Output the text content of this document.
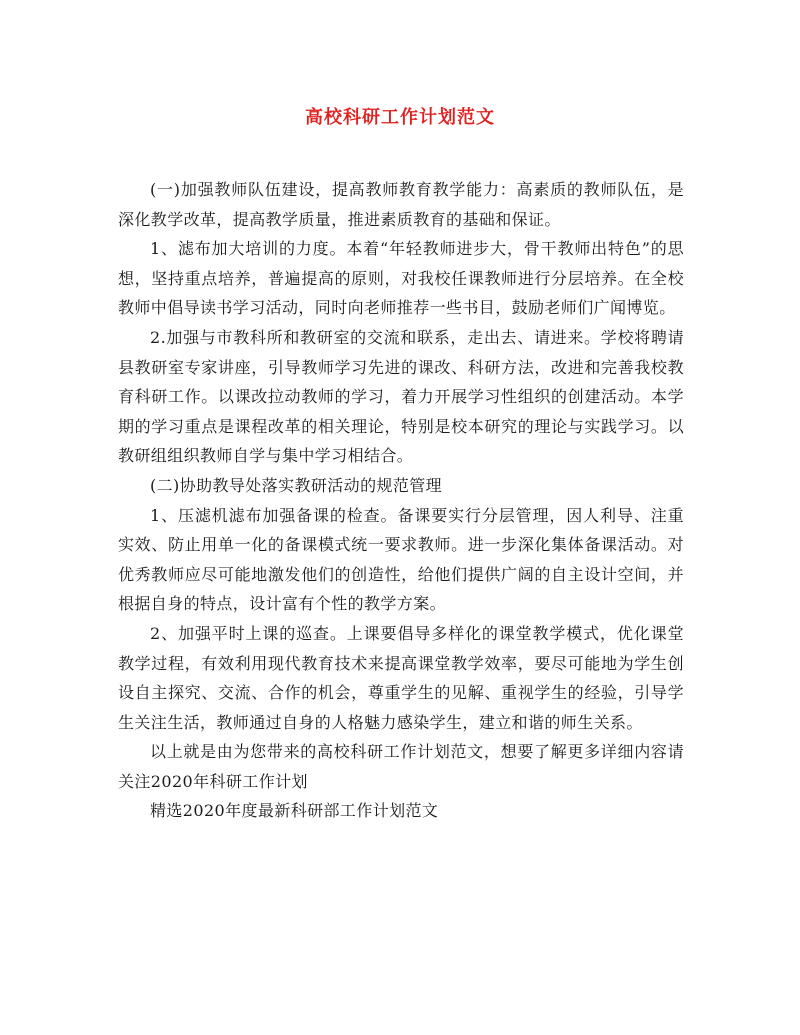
高校科研工作计划范文

(一)加强教师队伍建设，提高教师教育教学能力：高素质的教师队伍，是深化教学改革，提高教学质量，推进素质教育的基础和保证。

1、滤布加大培训的力度。本着“年轻教师进步大，骨干教师出特色”的思想，坚持重点培养，普遍提高的原则，对我校任课教师进行分层培养。在全校教师中倡导读书学习活动，同时向老师推荐一些书目，鼓励老师们广闻博览。

2.加强与市教科所和教研室的交流和联系，走出去、请进来。学校将聘请县教研室专家讲座，引导教师学习先进的课改、科研方法，改进和完善我校教育科研工作。以课改拉动教师的学习，着力开展学习性组织的创建活动。本学期的学习重点是课程改革的相关理论，特别是校本研究的理论与实践学习。以教研组组织教师自学与集中学习相结合。

(二)协助教导处落实教研活动的规范管理

1、压滤机滤布加强备课的检查。备课要实行分层管理，因人利导、注重实效、防止用单一化的备课模式统一要求教师。进一步深化集体备课活动。对优秀教师应尽可能地激发他们的创造性，给他们提供广阔的自主设计空间，并根据自身的特点，设计富有个性的教学方案。

2、加强平时上课的巡查。上课要倡导多样化的课堂教学模式，优化课堂教学过程，有效利用现代教育技术来提高课堂教学效率，要尽可能地为学生创设自主探究、交流、合作的机会，尊重学生的见解、重视学生的经验，引导学生关注生活，教师通过自身的人格魅力感染学生，建立和谐的师生关系。

以上就是由为您带来的高校科研工作计划范文，想要了解更多详细内容请关注2020年科研工作计划

精选2020年度最新科研部工作计划范文
